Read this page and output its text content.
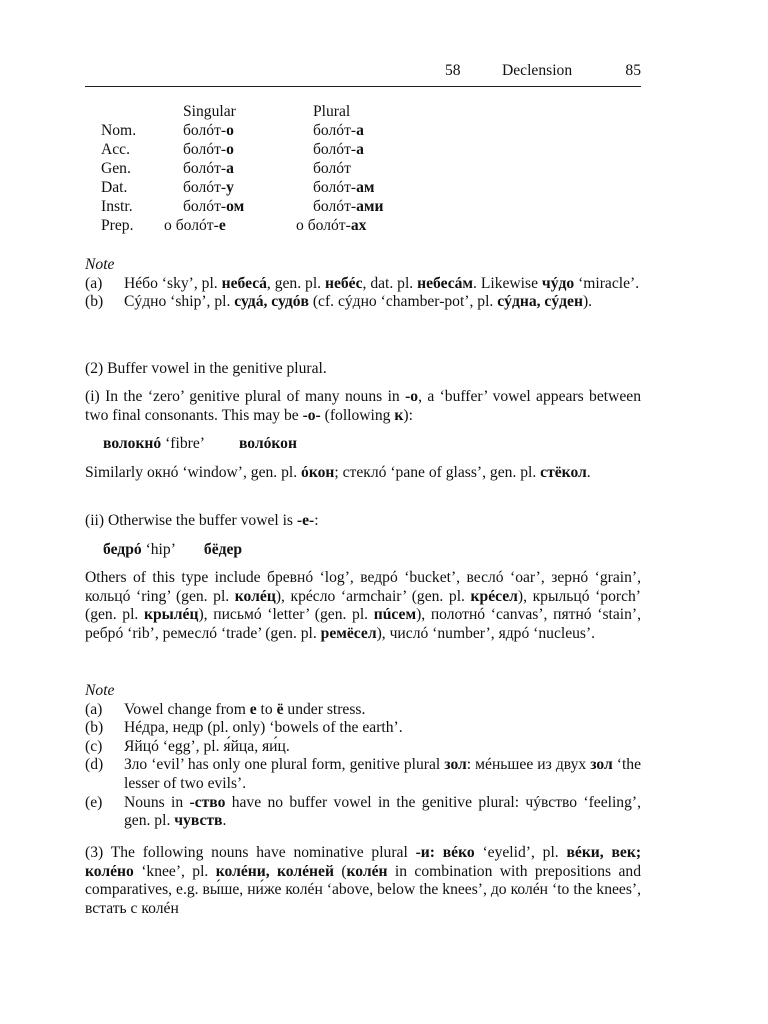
58	Declension	85
	Singular	Plural
Nom.	болóт-о	болóт-а
Acc.	болóт-о	болóт-а
Gen.	болóт-а	болóт
Dat.	болóт-у	болóт-ам
Instr.	болóт-ом	болóт-ами
Prep.	о болóт-е	о болóт-ах

Note

(a) Нéбо ‘sky’, pl. небесá, gen. pl. небéс, dat. pl. небесáм. Likewise чýдо ‘miracle’.
(b) Сýдно ‘ship’, pl. судá, судóв (cf. сýдно ‘chamber-pot’, pl. сýдна, сýден).

(2) Buffer vowel in the genitive plural.

(i) In the ‘zero’ genitive plural of many nouns in -о, a ‘buffer’ vowel appears between two final consonants. This may be -о- (following к):

волокнó ‘fibre’ волóкон

Similarly окнó ‘window’, gen. pl. óкон; стеклó ‘pane of glass’, gen. pl. стёкол.

(ii) Otherwise the buffer vowel is -е-:

бедрó ‘hip’ бёдер

Others of this type include бревнó ‘log’, ведрó ‘bucket’, веслó ‘oar’, зернó ‘grain’, кольцó ‘ring’ (gen. pl. колéц), крéсло ‘armchair’ (gen. pl. крéсел), крыльцó ‘porch’ (gen. pl. крылéц), письмó ‘letter’ (gen. pl. пúсем), полотнó ‘canvas’, пятнó ‘stain’, ребрó ‘rib’, ремеслó ‘trade’ (gen. pl. ремёсел), числó ‘number’, ядрó ‘nucleus’.

Note

(a) Vowel change from е to ё under stress.
(b) Нéдра, недр (pl. only) ‘bowels of the earth’.
(c) Яйцó ‘egg’, pl. я́йца, яи́ц.
(d) Зло ‘evil’ has only one plural form, genitive plural зол: мéньшее из двух зол ‘the lesser of two evils’.
(e) Nouns in -ство have no buffer vowel in the genitive plural: чýвство ‘feeling’, gen. pl. чувств.

(3) The following nouns have nominative plural -и: вéко ‘eyelid’, pl. вéки, век; колéно ‘knee’, pl. колéни, колéней (колéн in combination with prepositions and comparatives, e.g. вы́ше, ни́же колéн ‘above, below the knees’, до колéн ‘to the knees’, встать с колéн
